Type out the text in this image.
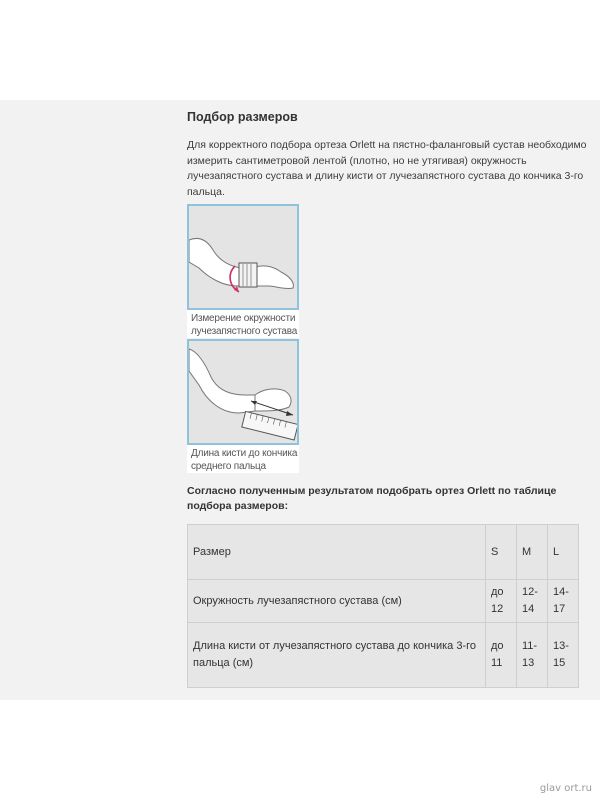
Подбор размеров

Для корректного подбора ортеза Orlett на пястно-фаланговый сустав необходимо измерить сантиметровой лентой (плотно, но не утягивая) окружность лучезапястного сустава и длину кисти от лучезапястного сустава до кончика 3-го пальца.

Измерение окружности
лучезапястного сустава
Длина кисти до кончика
среднего пальца

Согласно полученным результатом подобрать ортез Orlett по таблице подбора размеров:

Размер	S	M	L
Окружность лучезапястного сустава (см)	до 12	12-14	14-17
Длина кисти от лучезапястного сустава до кончика 3-го пальца (см)	до 11	11-13	13-15
glav ort.ru
